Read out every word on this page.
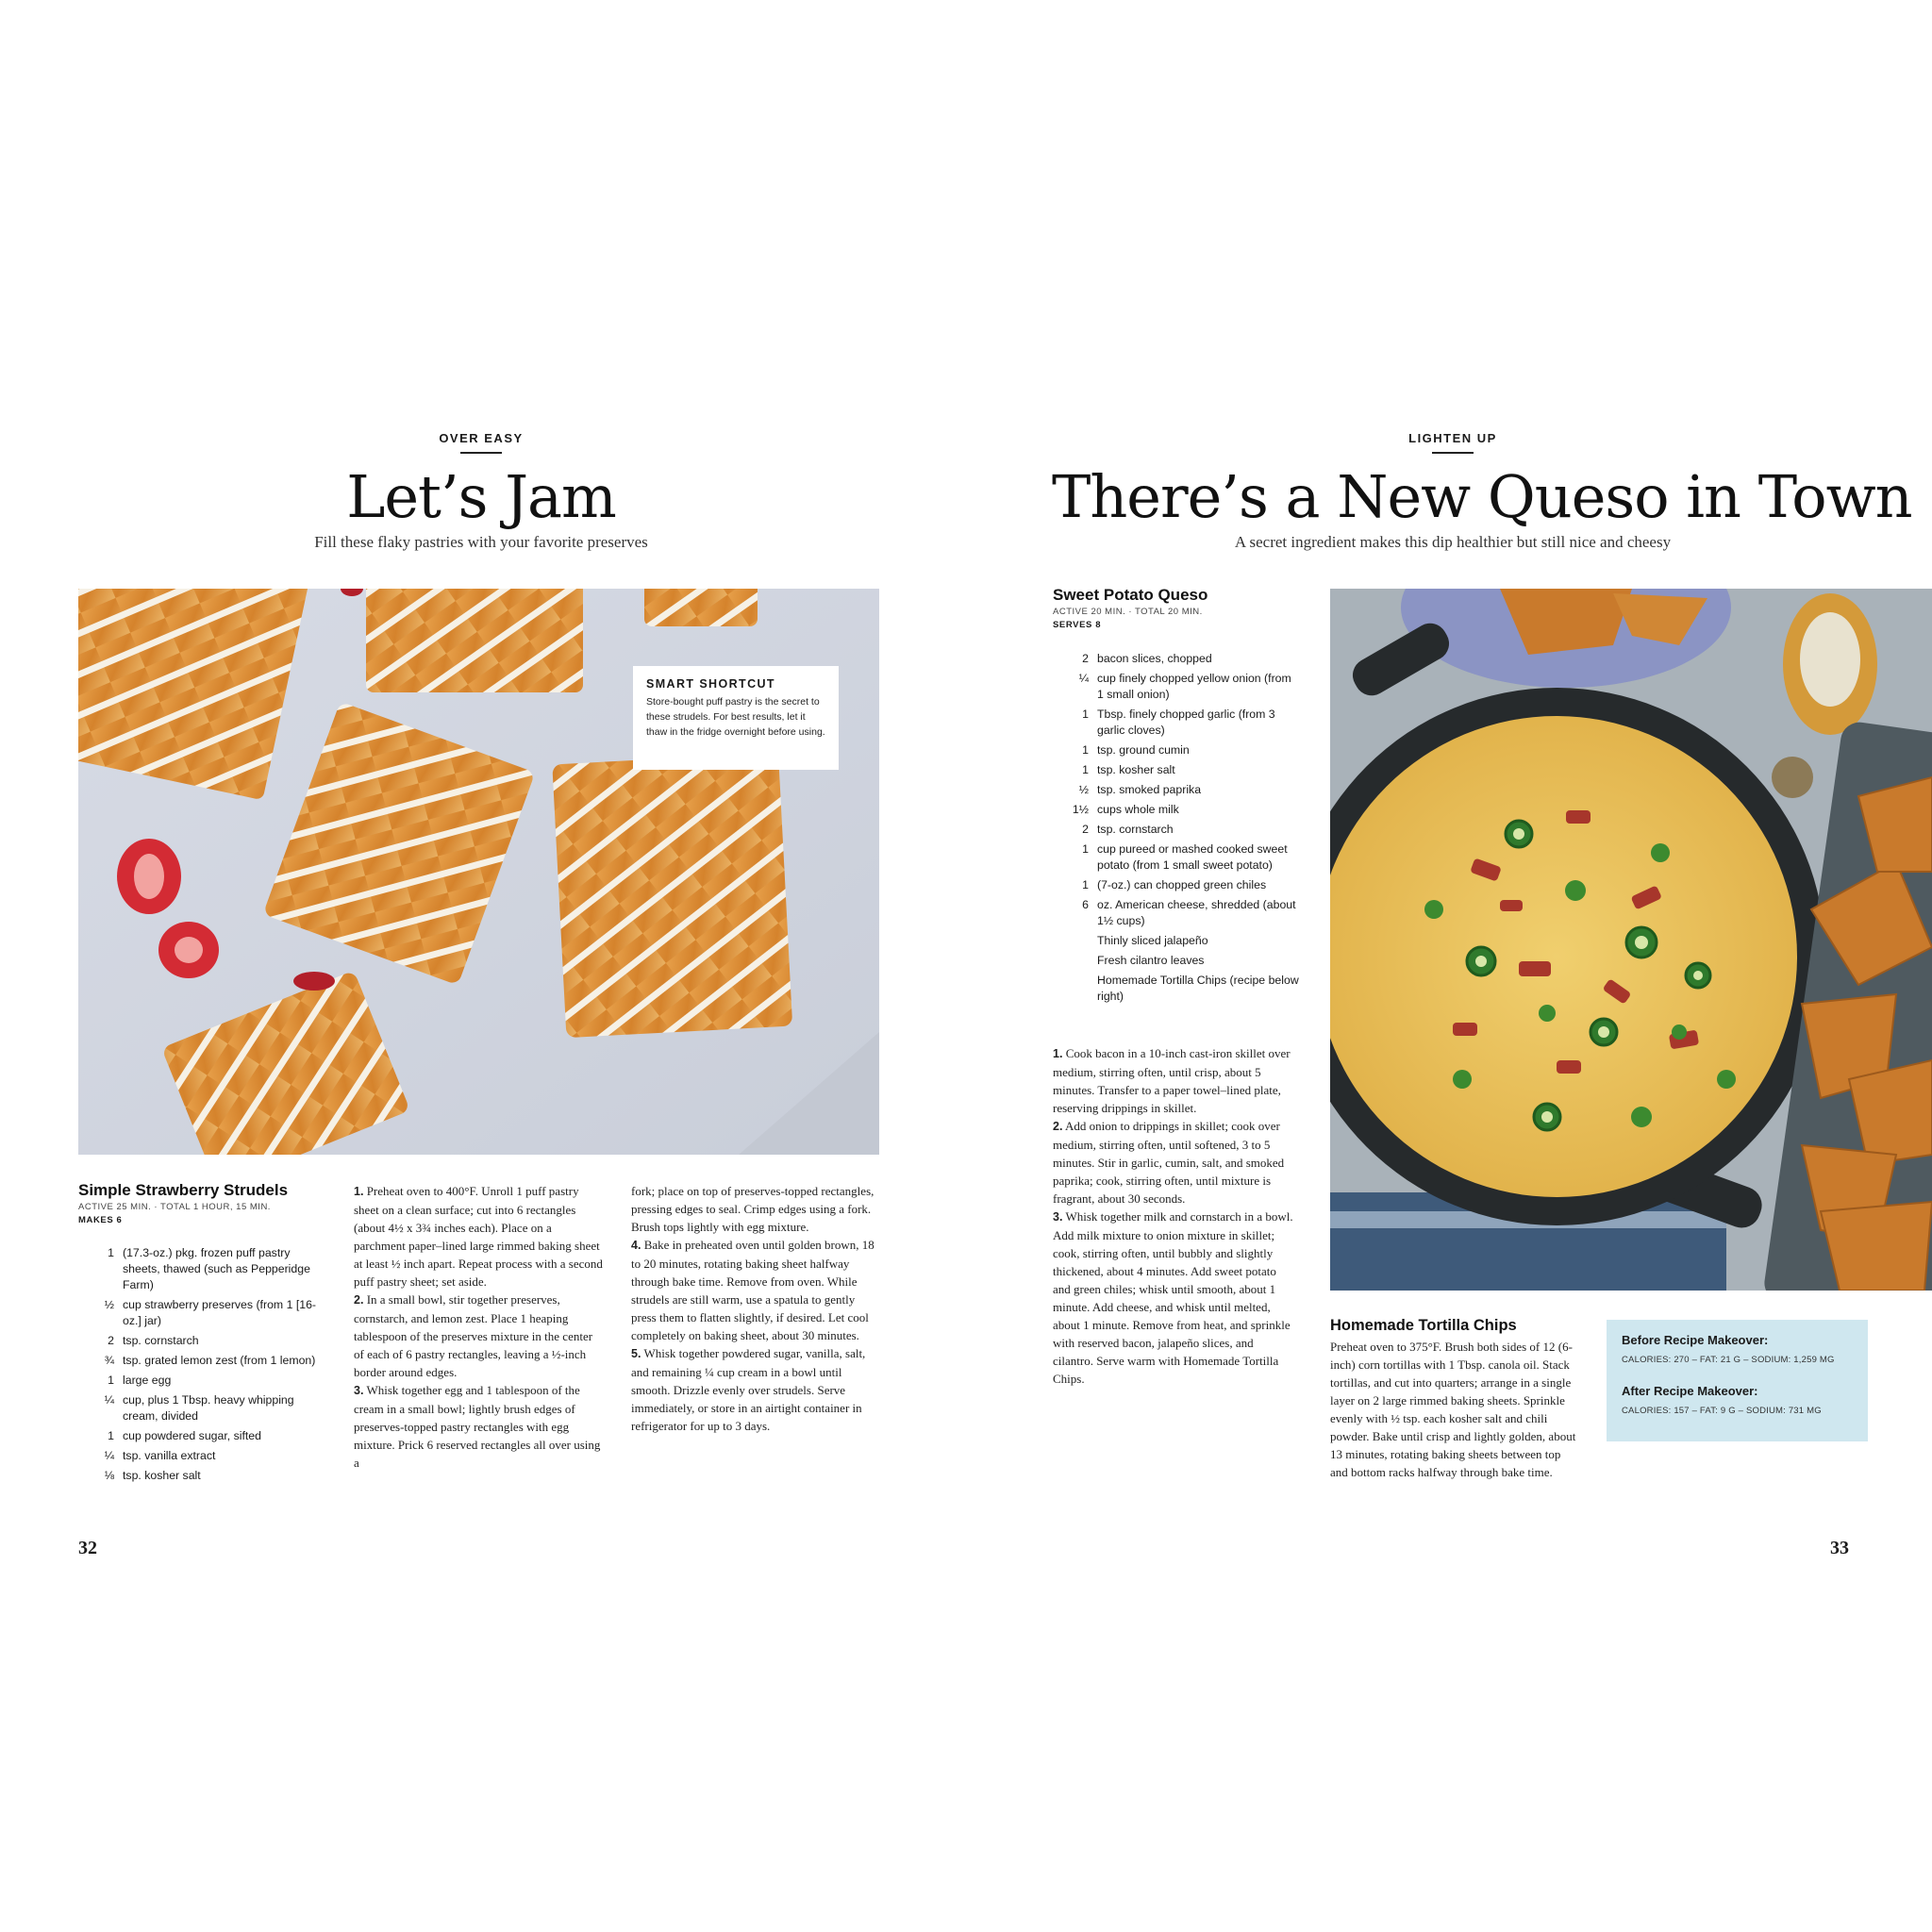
OVER EASY
Let’s Jam
Fill these flaky pastries with your favorite preserves
SMART SHORTCUT

Store-bought puff pastry is the secret to these strudels. For best results, let it thaw in the fridge overnight before using.

Simple Strawberry Strudels
ACTIVE 25 MIN. · TOTAL 1 HOUR, 15 MIN.
MAKES 6
1 (17.3-oz.) pkg. frozen puff pastry sheets, thawed (such as Pepperidge Farm)
½ cup strawberry preserves (from 1 [16-oz.] jar)
2 tsp. cornstarch
¾ tsp. grated lemon zest (from 1 lemon)
1 large egg
¼ cup, plus 1 Tbsp. heavy whipping cream, divided
1 cup powdered sugar, sifted
¼ tsp. vanilla extract
⅛ tsp. kosher salt

1. Preheat oven to 400°F. Unroll 1 puff pastry sheet on a clean surface; cut into 6 rectangles (about 4½ x 3¾ inches each). Place on a parchment paper–lined large rimmed baking sheet at least ½ inch apart. Repeat process with a second puff pastry sheet; set aside.

2. In a small bowl, stir together preserves, cornstarch, and lemon zest. Place 1 heaping tablespoon of the preserves mixture in the center of each of 6 pastry rectangles, leaving a ½-inch border around edges.

3. Whisk together egg and 1 tablespoon of the cream in a small bowl; lightly brush edges of preserves-topped pastry rectangles with egg mixture. Prick 6 reserved rectangles all over using a

fork; place on top of preserves-topped rectangles, pressing edges to seal. Crimp edges using a fork. Brush tops lightly with egg mixture.

4. Bake in preheated oven until golden brown, 18 to 20 minutes, rotating baking sheet halfway through bake time. Remove from oven. While strudels are still warm, use a spatula to gently press them to flatten slightly, if desired. Let cool completely on baking sheet, about 30 minutes.

5. Whisk together powdered sugar, vanilla, salt, and remaining ¼ cup cream in a bowl until smooth. Drizzle evenly over strudels. Serve immediately, or store in an airtight container in refrigerator for up to 3 days.

32
LIGHTEN UP
There’s a New Queso in Town
A secret ingredient makes this dip healthier but still nice and cheesy
Sweet Potato Queso
ACTIVE 20 MIN. · TOTAL 20 MIN.
SERVES 8
2 bacon slices, chopped
¼ cup finely chopped yellow onion (from 1 small onion)
1 Tbsp. finely chopped garlic (from 3 garlic cloves)
1 tsp. ground cumin
1 tsp. kosher salt
½ tsp. smoked paprika
1½ cups whole milk
2 tsp. cornstarch
1 cup pureed or mashed cooked sweet potato (from 1 small sweet potato)
1 (7-oz.) can chopped green chiles
6 oz. American cheese, shredded (about 1½ cups)
Thinly sliced jalapeño
Fresh cilantro leaves
Homemade Tortilla Chips (recipe below right)

1. Cook bacon in a 10-inch cast-iron skillet over medium, stirring often, until crisp, about 5 minutes. Transfer to a paper towel–lined plate, reserving drippings in skillet.

2. Add onion to drippings in skillet; cook over medium, stirring often, until softened, 3 to 5 minutes. Stir in garlic, cumin, salt, and smoked paprika; cook, stirring often, until mixture is fragrant, about 30 seconds.

3. Whisk together milk and cornstarch in a bowl. Add milk mixture to onion mixture in skillet; cook, stirring often, until bubbly and slightly thickened, about 4 minutes. Add sweet potato and green chiles; whisk until smooth, about 1 minute. Add cheese, and whisk until melted, about 1 minute. Remove from heat, and sprinkle with reserved bacon, jalapeño slices, and cilantro. Serve warm with Homemade Tortilla Chips.

Homemade Tortilla Chips
Preheat oven to 375°F. Brush both sides of 12 (6-inch) corn tortillas with 1 Tbsp. canola oil. Stack tortillas, and cut into quarters; arrange in a single layer on 2 large rimmed baking sheets. Sprinkle evenly with ½ tsp. each kosher salt and chili powder. Bake until crisp and lightly golden, about 13 minutes, rotating baking sheets between top and bottom racks halfway through bake time.
Before Recipe Makeover:
CALORIES: 270 – FAT: 21 G – SODIUM: 1,259 MG
After Recipe Makeover:
CALORIES: 157 – FAT: 9 G – SODIUM: 731 MG
33
